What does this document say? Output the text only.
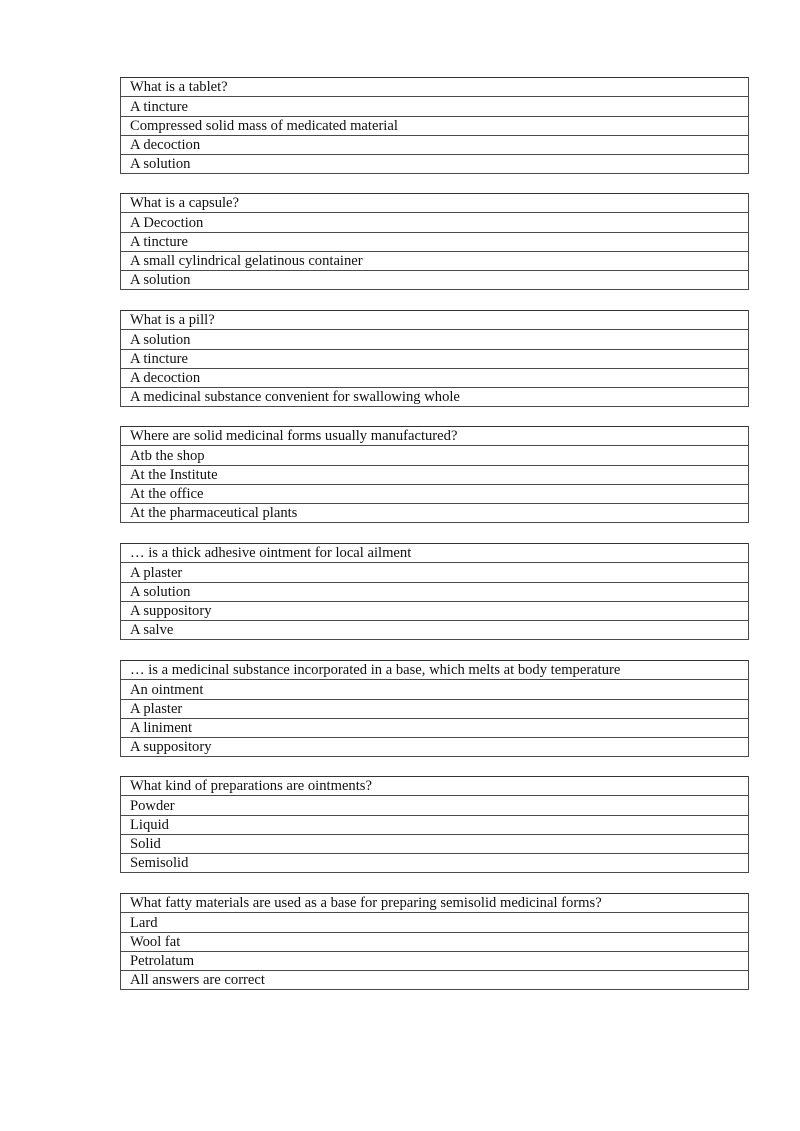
What is a tablet?
A tincture
Compressed solid mass of medicated material
A decoction
A solution
What is a capsule?
A Decoction
A tincture
A small cylindrical gelatinous container
A solution
What is a pill?
A solution
A tincture
A decoction
A medicinal substance convenient for swallowing whole
Where are solid medicinal forms usually manufactured?
Atb the shop
At the Institute
At the office
At the pharmaceutical plants
… is a thick adhesive ointment for local ailment
A plaster
A solution
A suppository
A salve
… is a medicinal substance incorporated in a base, which melts at body temperature
An ointment
A plaster
A liniment
A suppository
What kind of preparations are ointments?
Powder
Liquid
Solid
Semisolid
What fatty materials are used as a base for preparing semisolid medicinal forms?
Lard
Wool fat
Petrolatum
All answers are correct
